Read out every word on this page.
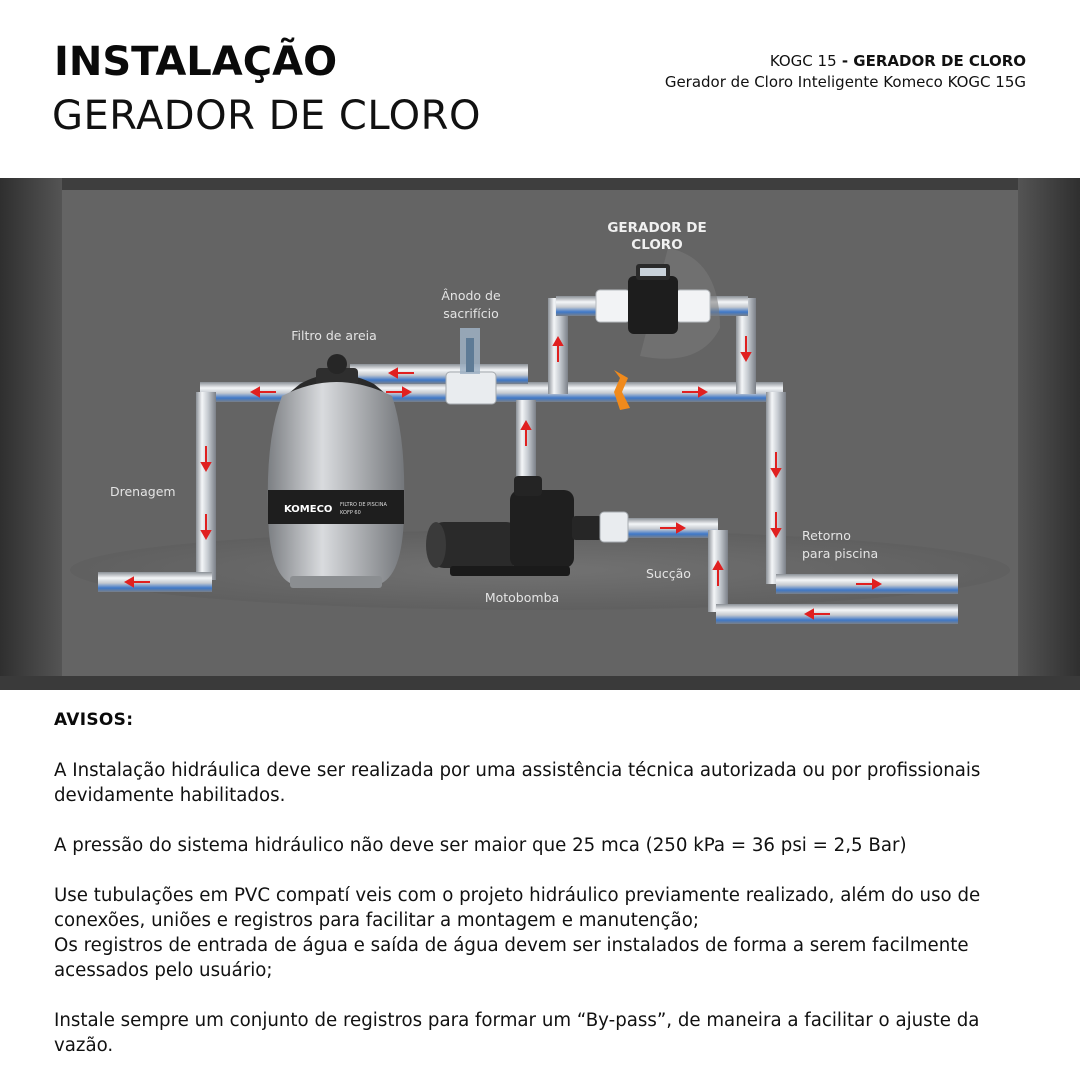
INSTALAÇÃO
GERADOR DE CLORO
KOGC 15 - GERADOR DE CLORO
Gerador de Cloro Inteligente Komeco KOGC 15G
KOMECO FILTRO DE PISCINA
KOFP 60
GERADOR DE
CLORO
Ânodo de
sacrifício
Filtro de areia
Drenagem
Retorno
para piscina
Sucção
Motobomba
AVISOS:

A Instalação hidráulica deve ser realizada por uma assistência técnica autorizada ou por profissionais devidamente habilitados.

A pressão do sistema hidráulico não deve ser maior que 25 mca (250 kPa = 36 psi = 2,5 Bar)

Use tubulações em PVC compatí veis com o projeto hidráulico previamente realizado, além do uso de conexões, uniões e registros para facilitar a montagem e manutenção;
Os registros de entrada de água e saída de água devem ser instalados de forma a serem facilmente acessados pelo usuário;

Instale sempre um conjunto de registros para formar um “By-pass”, de maneira a facilitar o ajuste da vazão.
